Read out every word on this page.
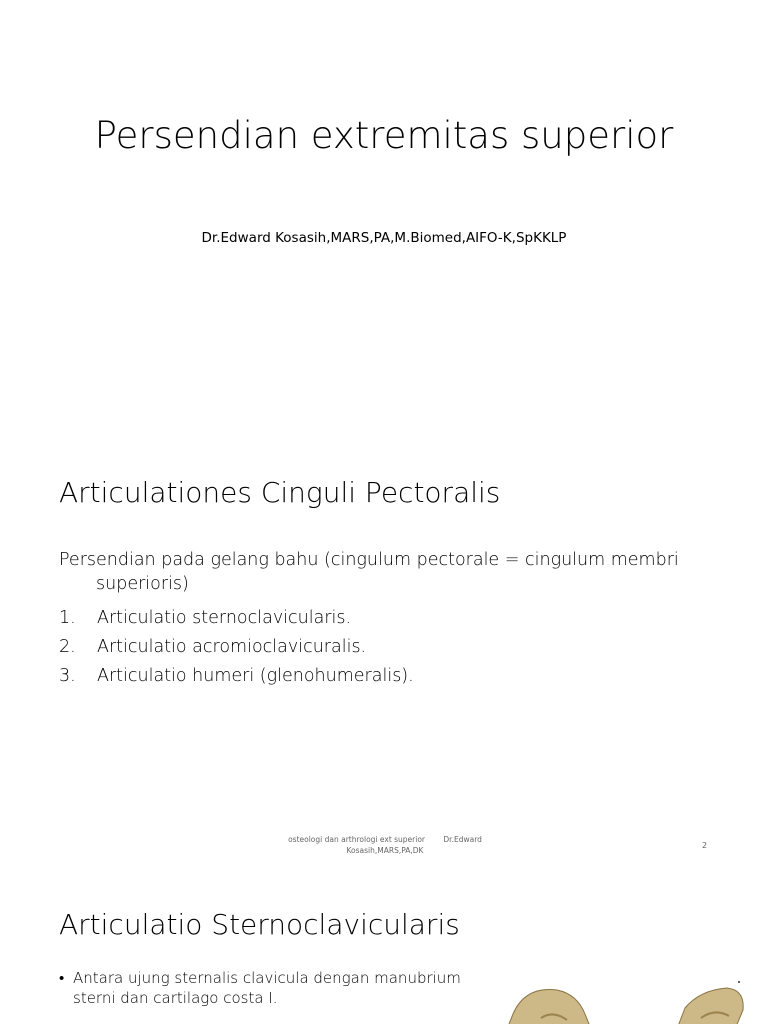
Persendian extremitas superior
Dr.Edward Kosasih,MARS,PA,M.Biomed,AIFO-K,SpKKLP
Articulationes Cinguli Pectoralis
Persendian pada gelang bahu (cingulum pectorale = cingulum membri
superioris)
1.	Articulatio sternoclavicularis.
2.	Articulatio acromioclavicuralis.
3.	Articulatio humeri (glenohumeralis).
osteologi dan arthrologi ext superior Dr.Edward
Kosasih,MARS,PA,DK
2
Articulatio Sternoclavicularis
• Antara ujung sternalis clavicula dengan manubrium sterni dan cartilago costa I.
